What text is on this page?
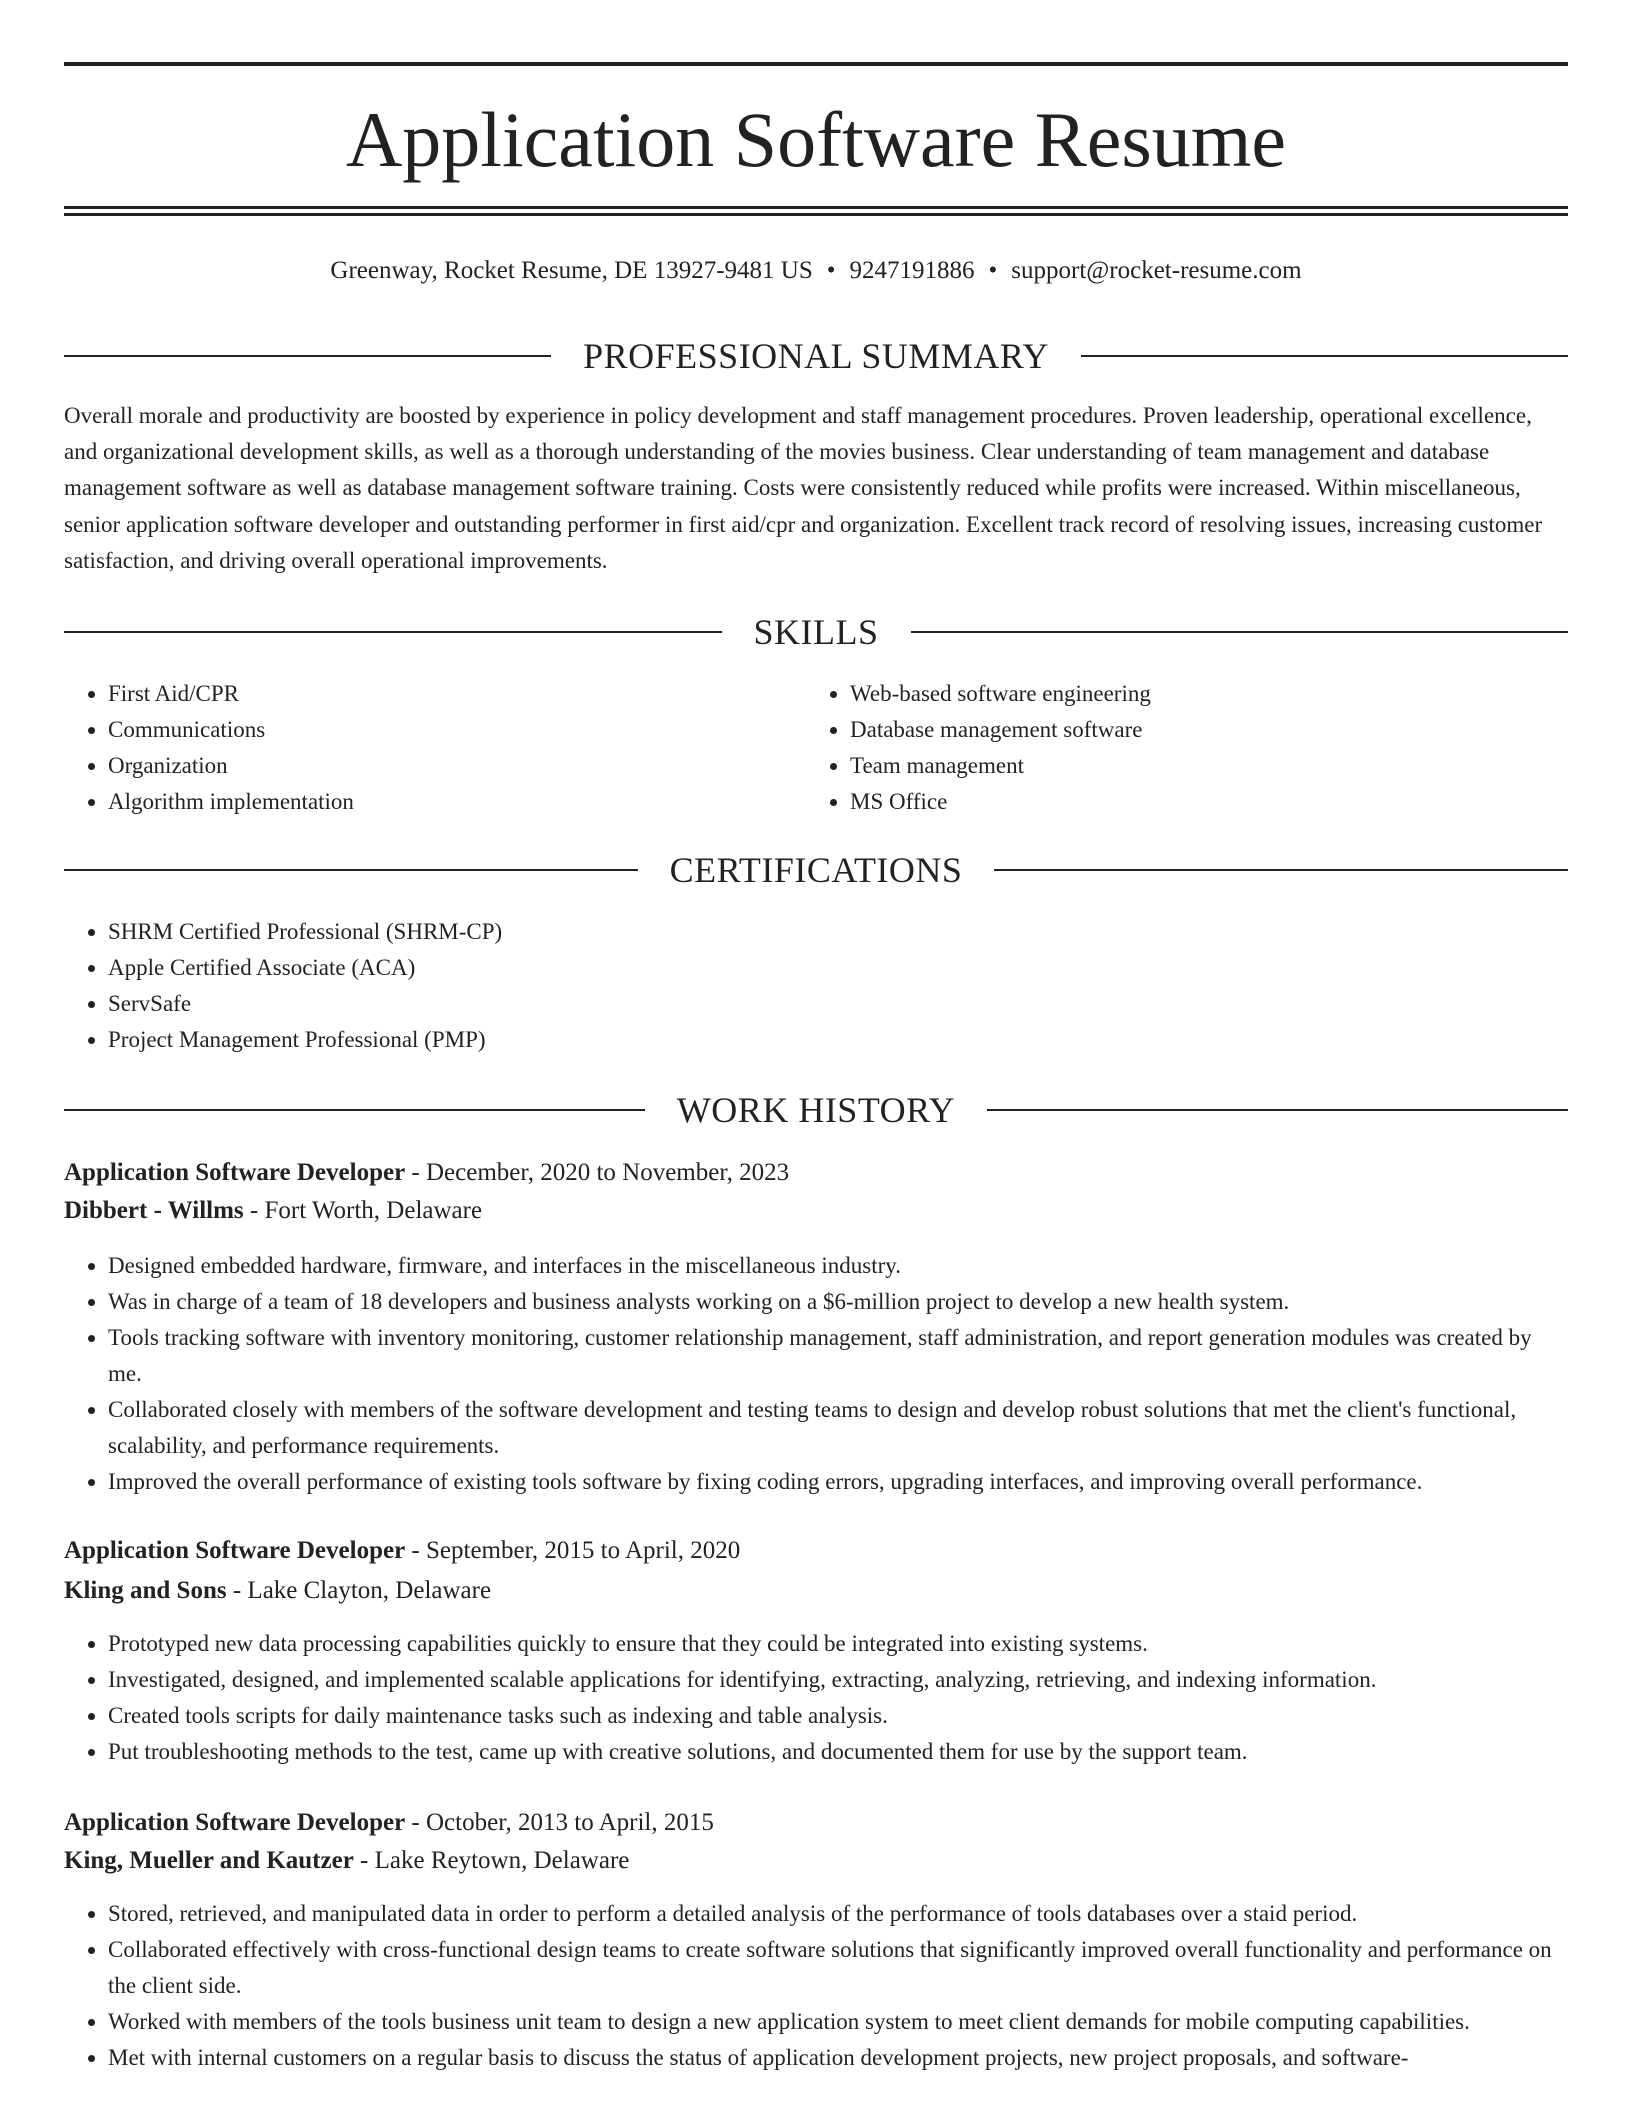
Application Software Resume
Greenway, Rocket Resume, DE 13927-9481 US • 9247191886 • support@rocket-resume.com
PROFESSIONAL SUMMARY

Overall morale and productivity are boosted by experience in policy development and staff management procedures. Proven leadership, operational excellence, and organizational development skills, as well as a thorough understanding of the movies business. Clear understanding of team management and database management software as well as database management software training. Costs were consistently reduced while profits were increased. Within miscellaneous, senior application software developer and outstanding performer in first aid/cpr and organization. Excellent track record of resolving issues, increasing customer satisfaction, and driving overall operational improvements.

SKILLS
• First Aid/CPR
• Communications
• Organization
• Algorithm implementation
• Web-based software engineering
• Database management software
• Team management
• MS Office
CERTIFICATIONS
• SHRM Certified Professional (SHRM-CP)
• Apple Certified Associate (ACA)
• ServSafe
• Project Management Professional (PMP)
WORK HISTORY
Application Software Developer - December, 2020 to November, 2023
Dibbert - Willms - Fort Worth, Delaware
• Designed embedded hardware, firmware, and interfaces in the miscellaneous industry.
• Was in charge of a team of 18 developers and business analysts working on a $6-million project to develop a new health system.
• Tools tracking software with inventory monitoring, customer relationship management, staff administration, and report generation modules was created by me.
• Collaborated closely with members of the software development and testing teams to design and develop robust solutions that met the client's functional, scalability, and performance requirements.
• Improved the overall performance of existing tools software by fixing coding errors, upgrading interfaces, and improving overall performance.
Application Software Developer - September, 2015 to April, 2020
Kling and Sons - Lake Clayton, Delaware
• Prototyped new data processing capabilities quickly to ensure that they could be integrated into existing systems.
• Investigated, designed, and implemented scalable applications for identifying, extracting, analyzing, retrieving, and indexing information.
• Created tools scripts for daily maintenance tasks such as indexing and table analysis.
• Put troubleshooting methods to the test, came up with creative solutions, and documented them for use by the support team.
Application Software Developer - October, 2013 to April, 2015
King, Mueller and Kautzer - Lake Reytown, Delaware
• Stored, retrieved, and manipulated data in order to perform a detailed analysis of the performance of tools databases over a staid period.
• Collaborated effectively with cross-functional design teams to create software solutions that significantly improved overall functionality and performance on the client side.
• Worked with members of the tools business unit team to design a new application system to meet client demands for mobile computing capabilities.
• Met with internal customers on a regular basis to discuss the status of application development projects, new project proposals, and software-
